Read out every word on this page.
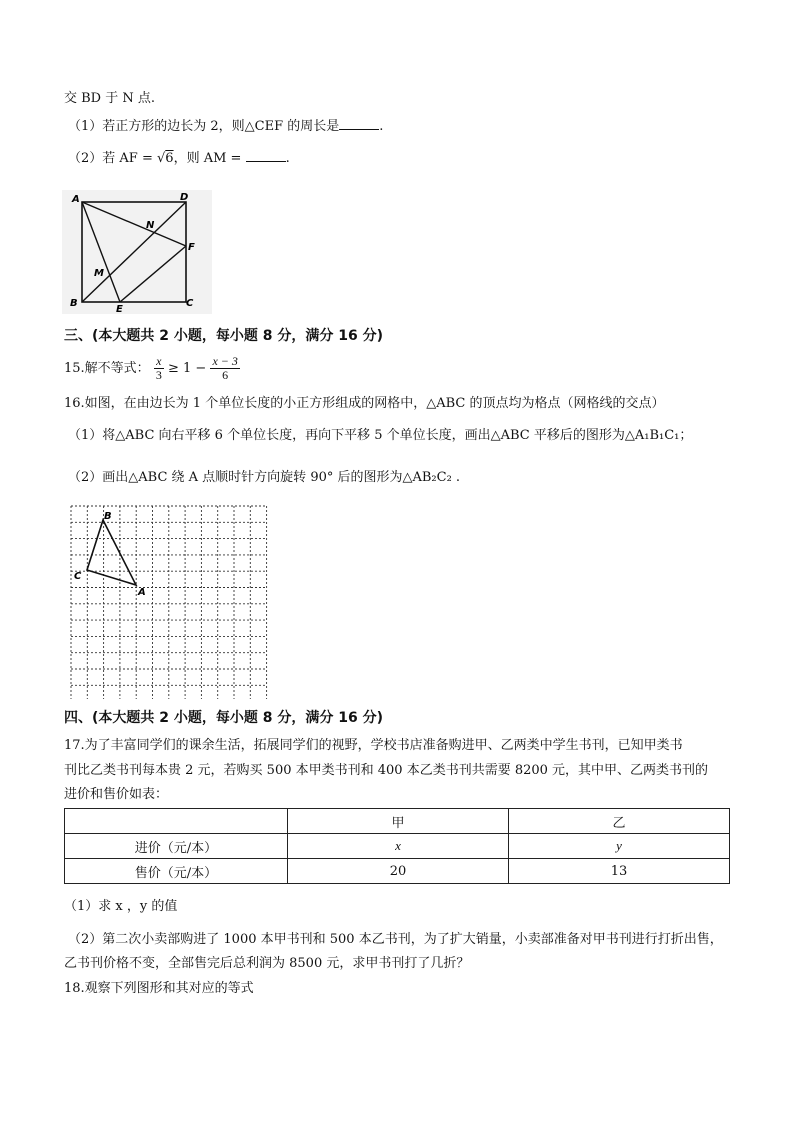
交 BD 于 N 点.
（1）若正方形的边长为 2，则△CEF 的周长是	.
（2）若 AF = √6，则 AM =	.
A	D
N
F
M
B
E
C
三、(本大题共 2 小题，每小题 8 分，满分 16 分)
15.解不等式： $\frac{x}{3} \ge 1 - \frac{x - 3}{6}$
16.如图，在由边长为 1 个单位长度的小正方形组成的网格中，△ABC 的顶点均为格点（网格线的交点）
（1）将△ABC 向右平移 6 个单位长度，再向下平移 5 个单位长度，画出△ABC 平移后的图形为△A₁B₁C₁；
（2）画出△ABC 绕 A 点顺时针方向旋转 90° 后的图形为△AB₂C₂ .
B
C
A
四、(本大题共 2 小题，每小题 8 分，满分 16 分)
17.为了丰富同学们的课余生活，拓展同学们的视野，学校书店准备购进甲、乙两类中学生书刊，已知甲类书
刊比乙类书刊每本贵 2 元，若购买 500 本甲类书刊和 400 本乙类书刊共需要 8200 元，其中甲、乙两类书刊的
进价和售价如表：
	甲	乙
进价（元/本）	x	y
售价（元/本）	20	13
（1）求 x ，y 的值
（2）第二次小卖部购进了 1000 本甲书刊和 500 本乙书刊，为了扩大销量，小卖部准备对甲书刊进行打折出售，
乙书刊价格不变，全部售完后总利润为 8500 元，求甲书刊打了几折？
18.观察下列图形和其对应的等式
